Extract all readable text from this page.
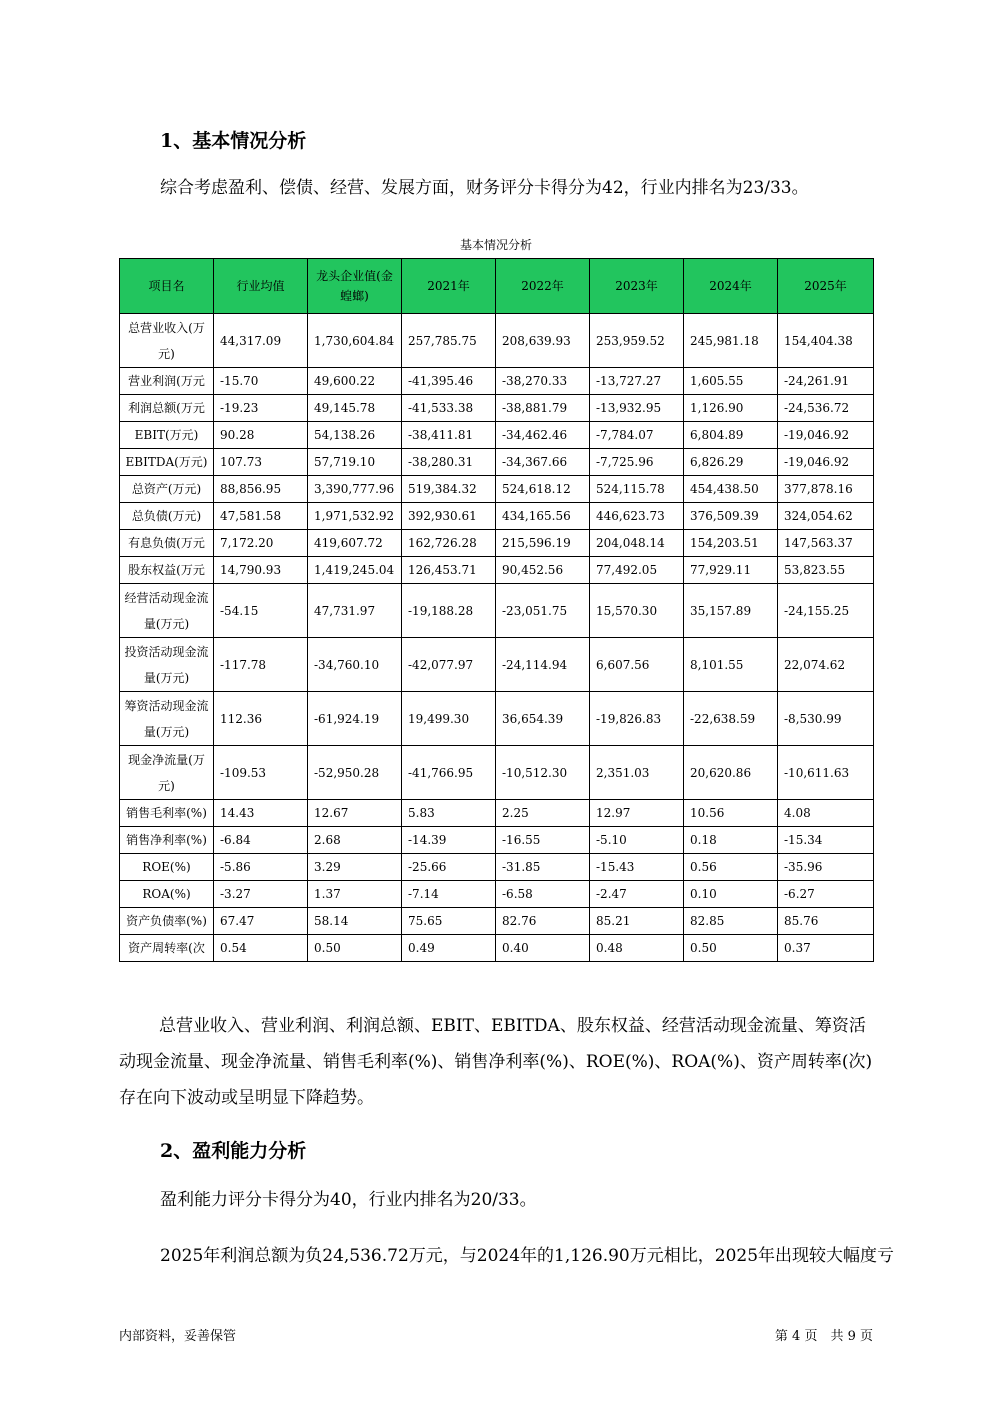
1、基本情况分析
综合考虑盈利、偿债、经营、发展方面，财务评分卡得分为42，行业内排名为23/33。
基本情况分析
项目名	行业均值	龙头企业值(金蝗螂)	2021年	2022年	2023年	2024年	2025年
总营业收入(万元)	44,317.09	1,730,604.84	257,785.75	208,639.93	253,959.52	245,981.18	154,404.38
营业利润(万元	-15.70	49,600.22	-41,395.46	-38,270.33	-13,727.27	1,605.55	-24,261.91
利润总额(万元	-19.23	49,145.78	-41,533.38	-38,881.79	-13,932.95	1,126.90	-24,536.72
EBIT(万元)	90.28	54,138.26	-38,411.81	-34,462.46	-7,784.07	6,804.89	-19,046.92
EBITDA(万元)	107.73	57,719.10	-38,280.31	-34,367.66	-7,725.96	6,826.29	-19,046.92
总资产(万元)	88,856.95	3,390,777.96	519,384.32	524,618.12	524,115.78	454,438.50	377,878.16
总负债(万元)	47,581.58	1,971,532.92	392,930.61	434,165.56	446,623.73	376,509.39	324,054.62
有息负债(万元	7,172.20	419,607.72	162,726.28	215,596.19	204,048.14	154,203.51	147,563.37
股东权益(万元	14,790.93	1,419,245.04	126,453.71	90,452.56	77,492.05	77,929.11	53,823.55
经营活动现金流量(万元)	-54.15	47,731.97	-19,188.28	-23,051.75	15,570.30	35,157.89	-24,155.25
投资活动现金流量(万元)	-117.78	-34,760.10	-42,077.97	-24,114.94	6,607.56	8,101.55	22,074.62
筹资活动现金流量(万元)	112.36	-61,924.19	19,499.30	36,654.39	-19,826.83	-22,638.59	-8,530.99
现金净流量(万元)	-109.53	-52,950.28	-41,766.95	-10,512.30	2,351.03	20,620.86	-10,611.63
销售毛利率(%)	14.43	12.67	5.83	2.25	12.97	10.56	4.08
销售净利率(%)	-6.84	2.68	-14.39	-16.55	-5.10	0.18	-15.34
ROE(%)	-5.86	3.29	-25.66	-31.85	-15.43	0.56	-35.96
ROA(%)	-3.27	1.37	-7.14	-6.58	-2.47	0.10	-6.27
资产负债率(%)	67.47	58.14	75.65	82.76	85.21	82.85	85.76
资产周转率(次	0.54	0.50	0.49	0.40	0.48	0.50	0.37
总营业收入、营业利润、利润总额、EBIT、EBITDA、股东权益、经营活动现金流量、筹资活动现金流量、现金净流量、销售毛利率(%)、销售净利率(%)、ROE(%)、ROA(%)、资产周转率(次)存在向下波动或呈明显下降趋势。
2、盈利能力分析
盈利能力评分卡得分为40，行业内排名为20/33。
2025年利润总额为负24,536.72万元，与2024年的1,126.90万元相比，2025年出现较大幅度亏
内部资料，妥善保管	第 4 页　共 9 页
